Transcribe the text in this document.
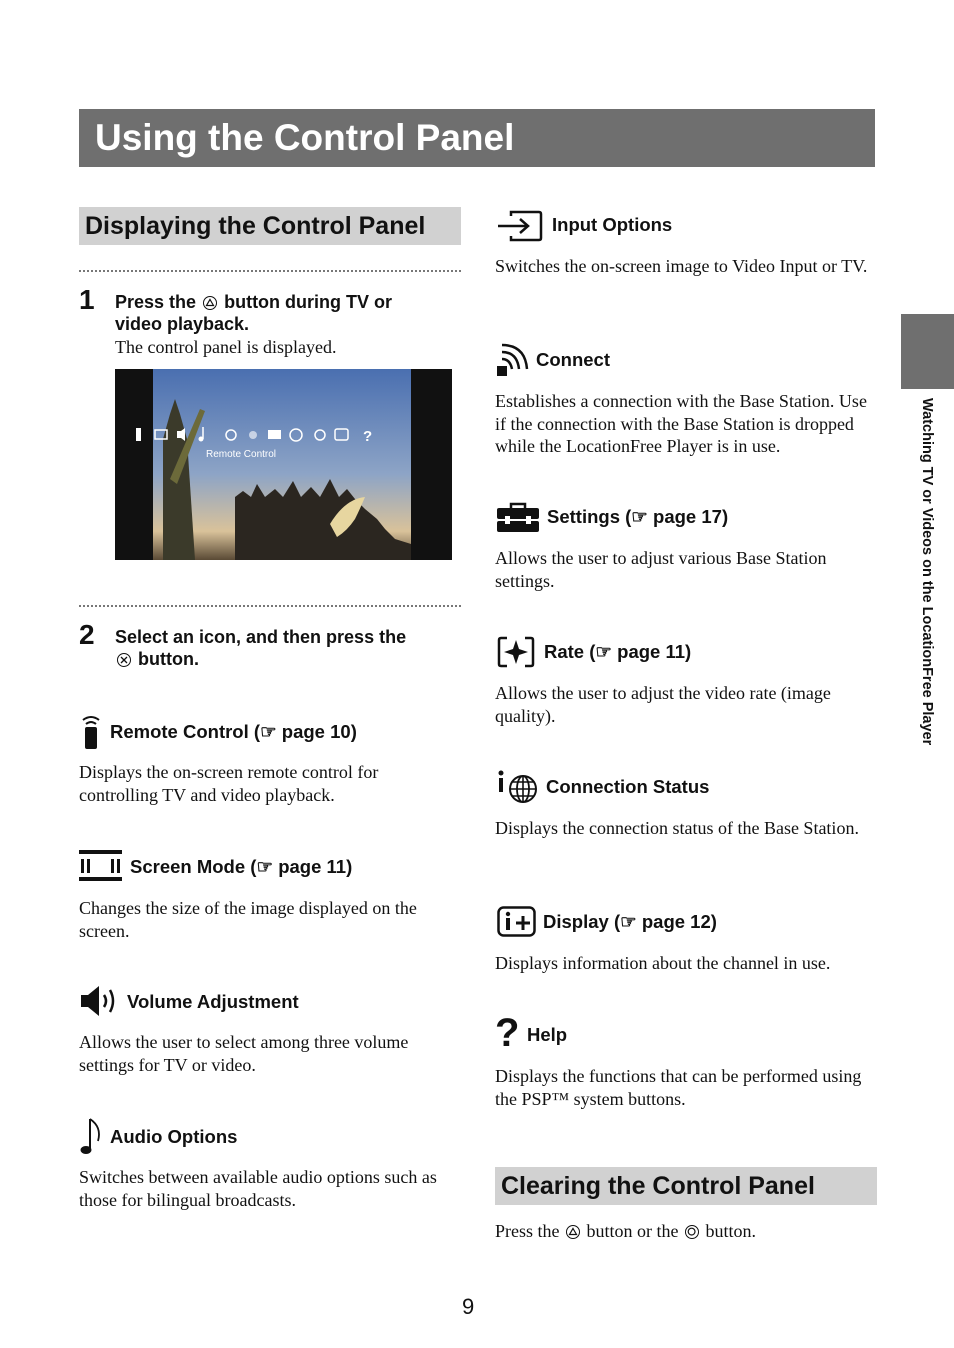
Using the Control Panel
Watching TV or Videos on the LocationFree Player
Displaying the Control Panel
1 Press the button during TV or
video playback.
The control panel is displayed.
?
Remote Control
2 Select an icon, and then press the

button.
Remote Control (☞ page 10)
Displays the on-screen remote control for controlling TV and video playback.
Screen Mode (☞ page 11)
Changes the size of the image displayed on the screen.
Volume Adjustment
Allows the user to select among three volume settings for TV or video.
Audio Options
Switches between available audio options such as those for bilingual broadcasts.
Input Options
Switches the on-screen image to Video Input or TV.
Connect
Establishes a connection with the Base Station. Use if the connection with the Base Station is dropped while the LocationFree Player is in use.
Settings (☞ page 17)
Allows the user to adjust various Base Station settings.
Rate (☞ page 11)
Allows the user to adjust the video rate (image quality).
Connection Status
Displays the connection status of the Base Station.
Display (☞ page 12)
Displays information about the channel in use.
? Help
Displays the functions that can be performed using the PSP™ system buttons.
Clearing the Control Panel
Press the button or the button.
9
